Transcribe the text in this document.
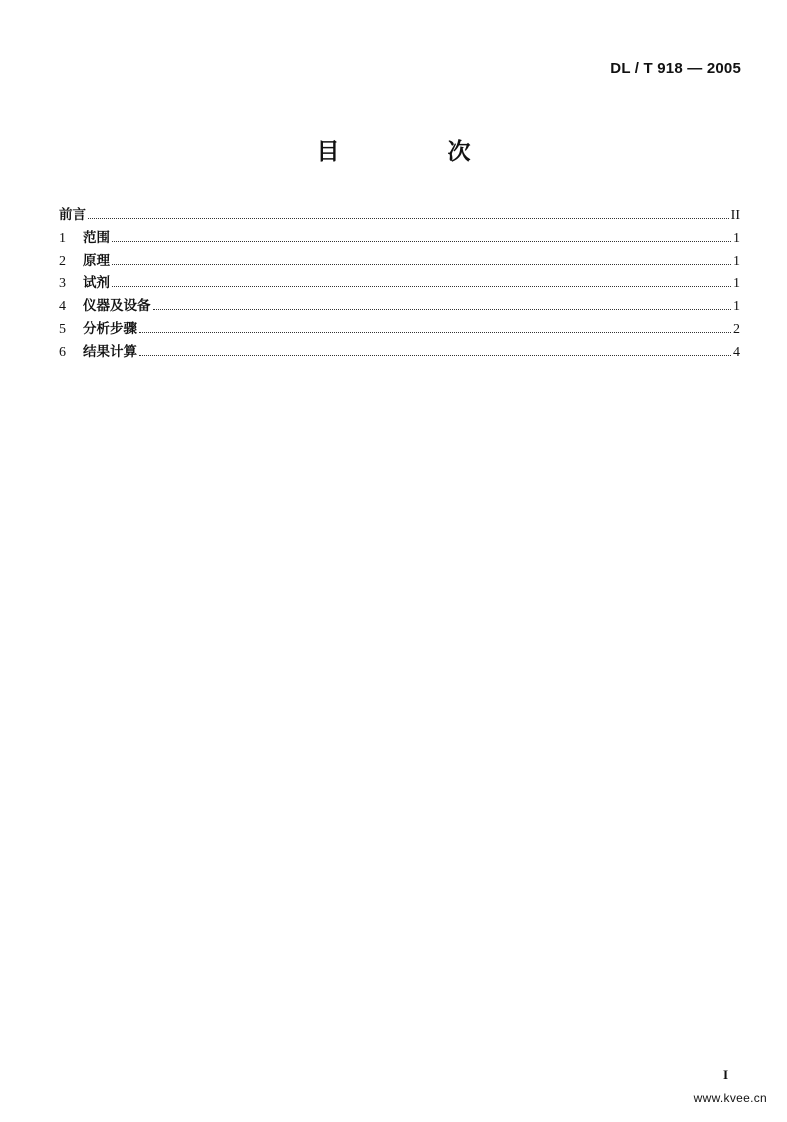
DL / T 918 — 2005
目 次
前言	II
1	范围	1
2	原理	1
3	试剂	1
4	仪器及设备	1
5	分析步骤	2
6	结果计算	4
I
www.kvee.cn
